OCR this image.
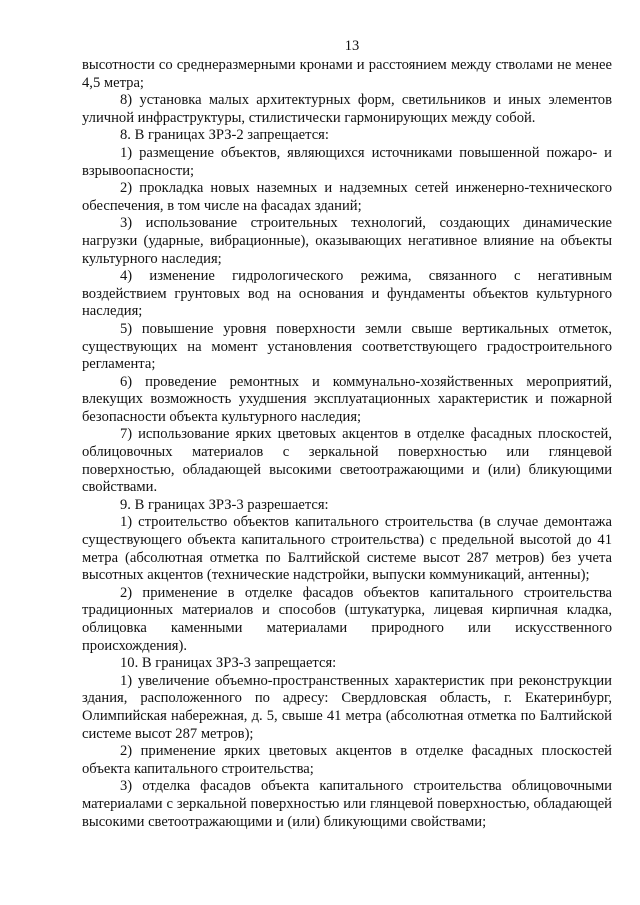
13

высотности со среднеразмерными кронами и расстоянием между стволами не менее 4,5 метра;

8) установка малых архитектурных форм, светильников и иных элементов уличной инфраструктуры, стилистически гармонирующих между собой.

8. В границах ЗРЗ-2 запрещается:

1) размещение объектов, являющихся источниками повышенной пожаро- и взрывоопасности;

2) прокладка новых наземных и надземных сетей инженерно-технического обеспечения, в том числе на фасадах зданий;

3) использование строительных технологий, создающих динамические нагрузки (ударные, вибрационные), оказывающих негативное влияние на объекты культурного наследия;

4) изменение гидрологического режима, связанного с негативным воздействием грунтовых вод на основания и фундаменты объектов культурного наследия;

5) повышение уровня поверхности земли свыше вертикальных отметок, существующих на момент установления соответствующего градостроительного регламента;

6) проведение ремонтных и коммунально-хозяйственных мероприятий, влекущих возможность ухудшения эксплуатационных характеристик и пожарной безопасности объекта культурного наследия;

7) использование ярких цветовых акцентов в отделке фасадных плоскостей, облицовочных материалов с зеркальной поверхностью или глянцевой поверхностью, обладающей высокими светоотражающими и (или) бликующими свойствами.

9. В границах ЗРЗ-3 разрешается:

1) строительство объектов капитального строительства (в случае демонтажа существующего объекта капитального строительства) с предельной высотой до 41 метра (абсолютная отметка по Балтийской системе высот 287 метров) без учета высотных акцентов (технические надстройки, выпуски коммуникаций, антенны);

2) применение в отделке фасадов объектов капитального строительства традиционных материалов и способов (штукатурка, лицевая кирпичная кладка, облицовка каменными материалами природного или искусственного происхождения).

10. В границах ЗРЗ-3 запрещается:

1) увеличение объемно-пространственных характеристик при реконструкции здания, расположенного по адресу: Свердловская область, г. Екатеринбург, Олимпийская набережная, д. 5, свыше 41 метра (абсолютная отметка по Балтийской системе высот 287 метров);

2) применение ярких цветовых акцентов в отделке фасадных плоскостей объекта капитального строительства;

3) отделка фасадов объекта капитального строительства облицовочными материалами с зеркальной поверхностью или глянцевой поверхностью, обладающей высокими светоотражающими и (или) бликующими свойствами;
